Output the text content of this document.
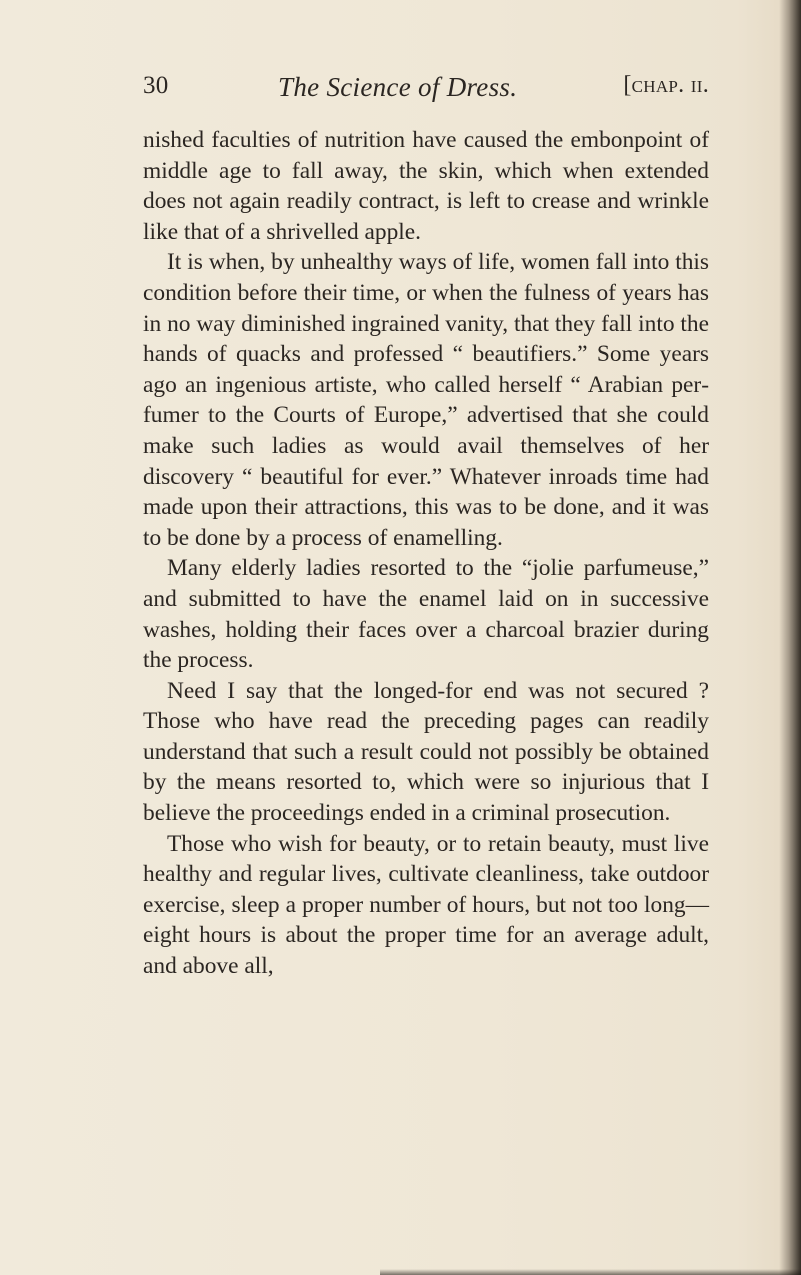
30	The Science of Dress.	[chap. ii.

nished faculties of nutrition have caused the embonpoint of middle age to fall away, the skin, which when extended does not again readily contract, is left to crease and wrinkle like that of a shrivelled apple.

It is when, by unhealthy ways of life, women fall into this condition before their time, or when the fulness of years has in no way diminished ingrained vanity, that they fall into the hands of quacks and professed “ beautifiers.” Some years ago an ingenious artiste, who called herself “ Arabian perfumer to the Courts of Europe,” advertised that she could make such ladies as would avail themselves of her discovery “ beautiful for ever.” Whatever inroads time had made upon their attractions, this was to be done, and it was to be done by a process of enamelling.

Many elderly ladies resorted to the “jolie parfumeuse,” and submitted to have the enamel laid on in successive washes, holding their faces over a charcoal brazier during the process.

Need I say that the longed-for end was not secured ? Those who have read the preceding pages can readily understand that such a result could not possibly be obtained by the means resorted to, which were so injurious that I believe the proceedings ended in a criminal prosecution.

Those who wish for beauty, or to retain beauty, must live healthy and regular lives, cultivate cleanliness, take outdoor exercise, sleep a proper number of hours, but not too long—eight hours is about the proper time for an average adult, and above all,
